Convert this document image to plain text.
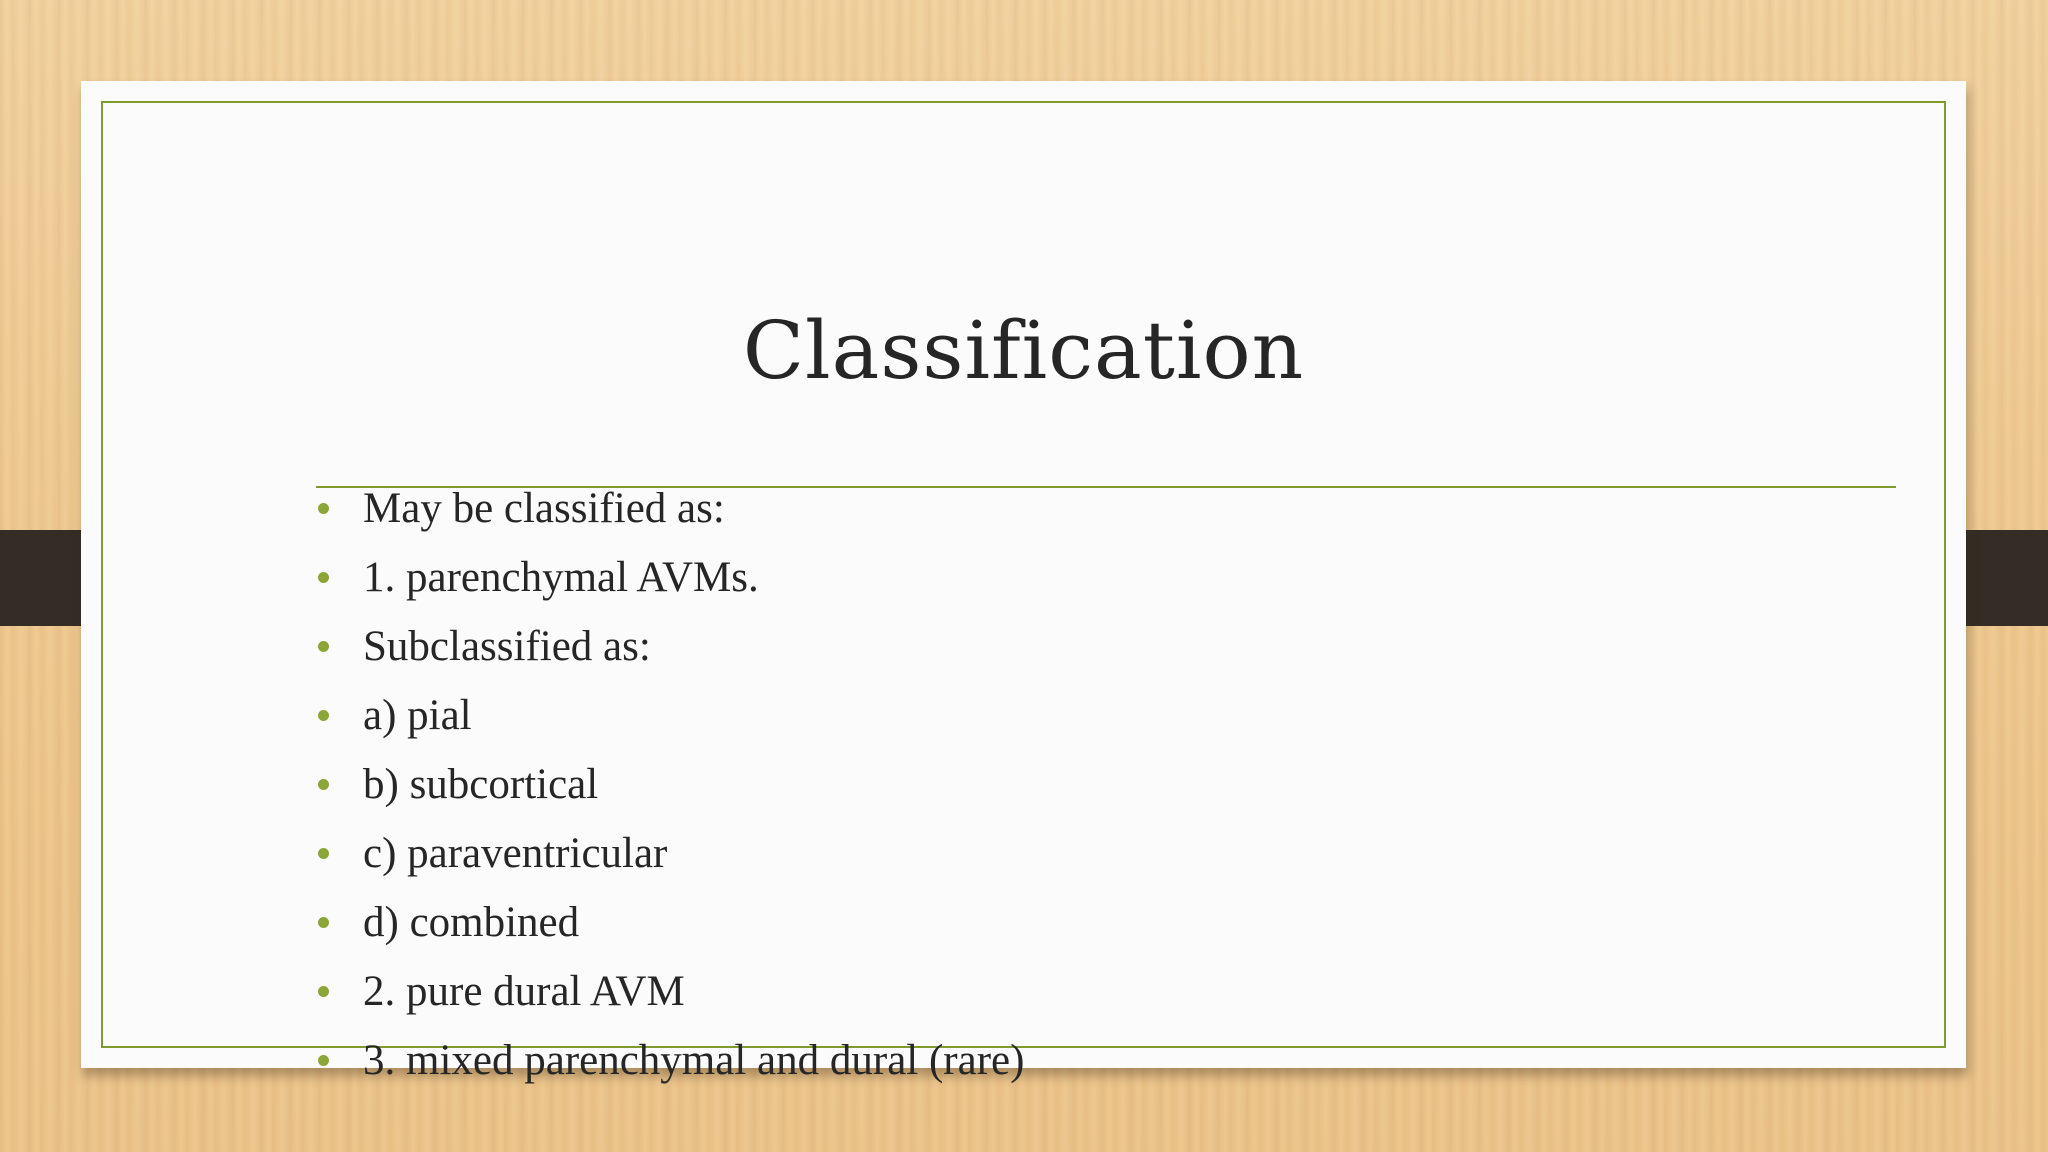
Classification
May be classified as:
1. parenchymal AVMs.
Subclassified as:
a) pial
b) subcortical
c) paraventricular
d) combined
2. pure dural AVM
3. mixed parenchymal and dural (rare)
